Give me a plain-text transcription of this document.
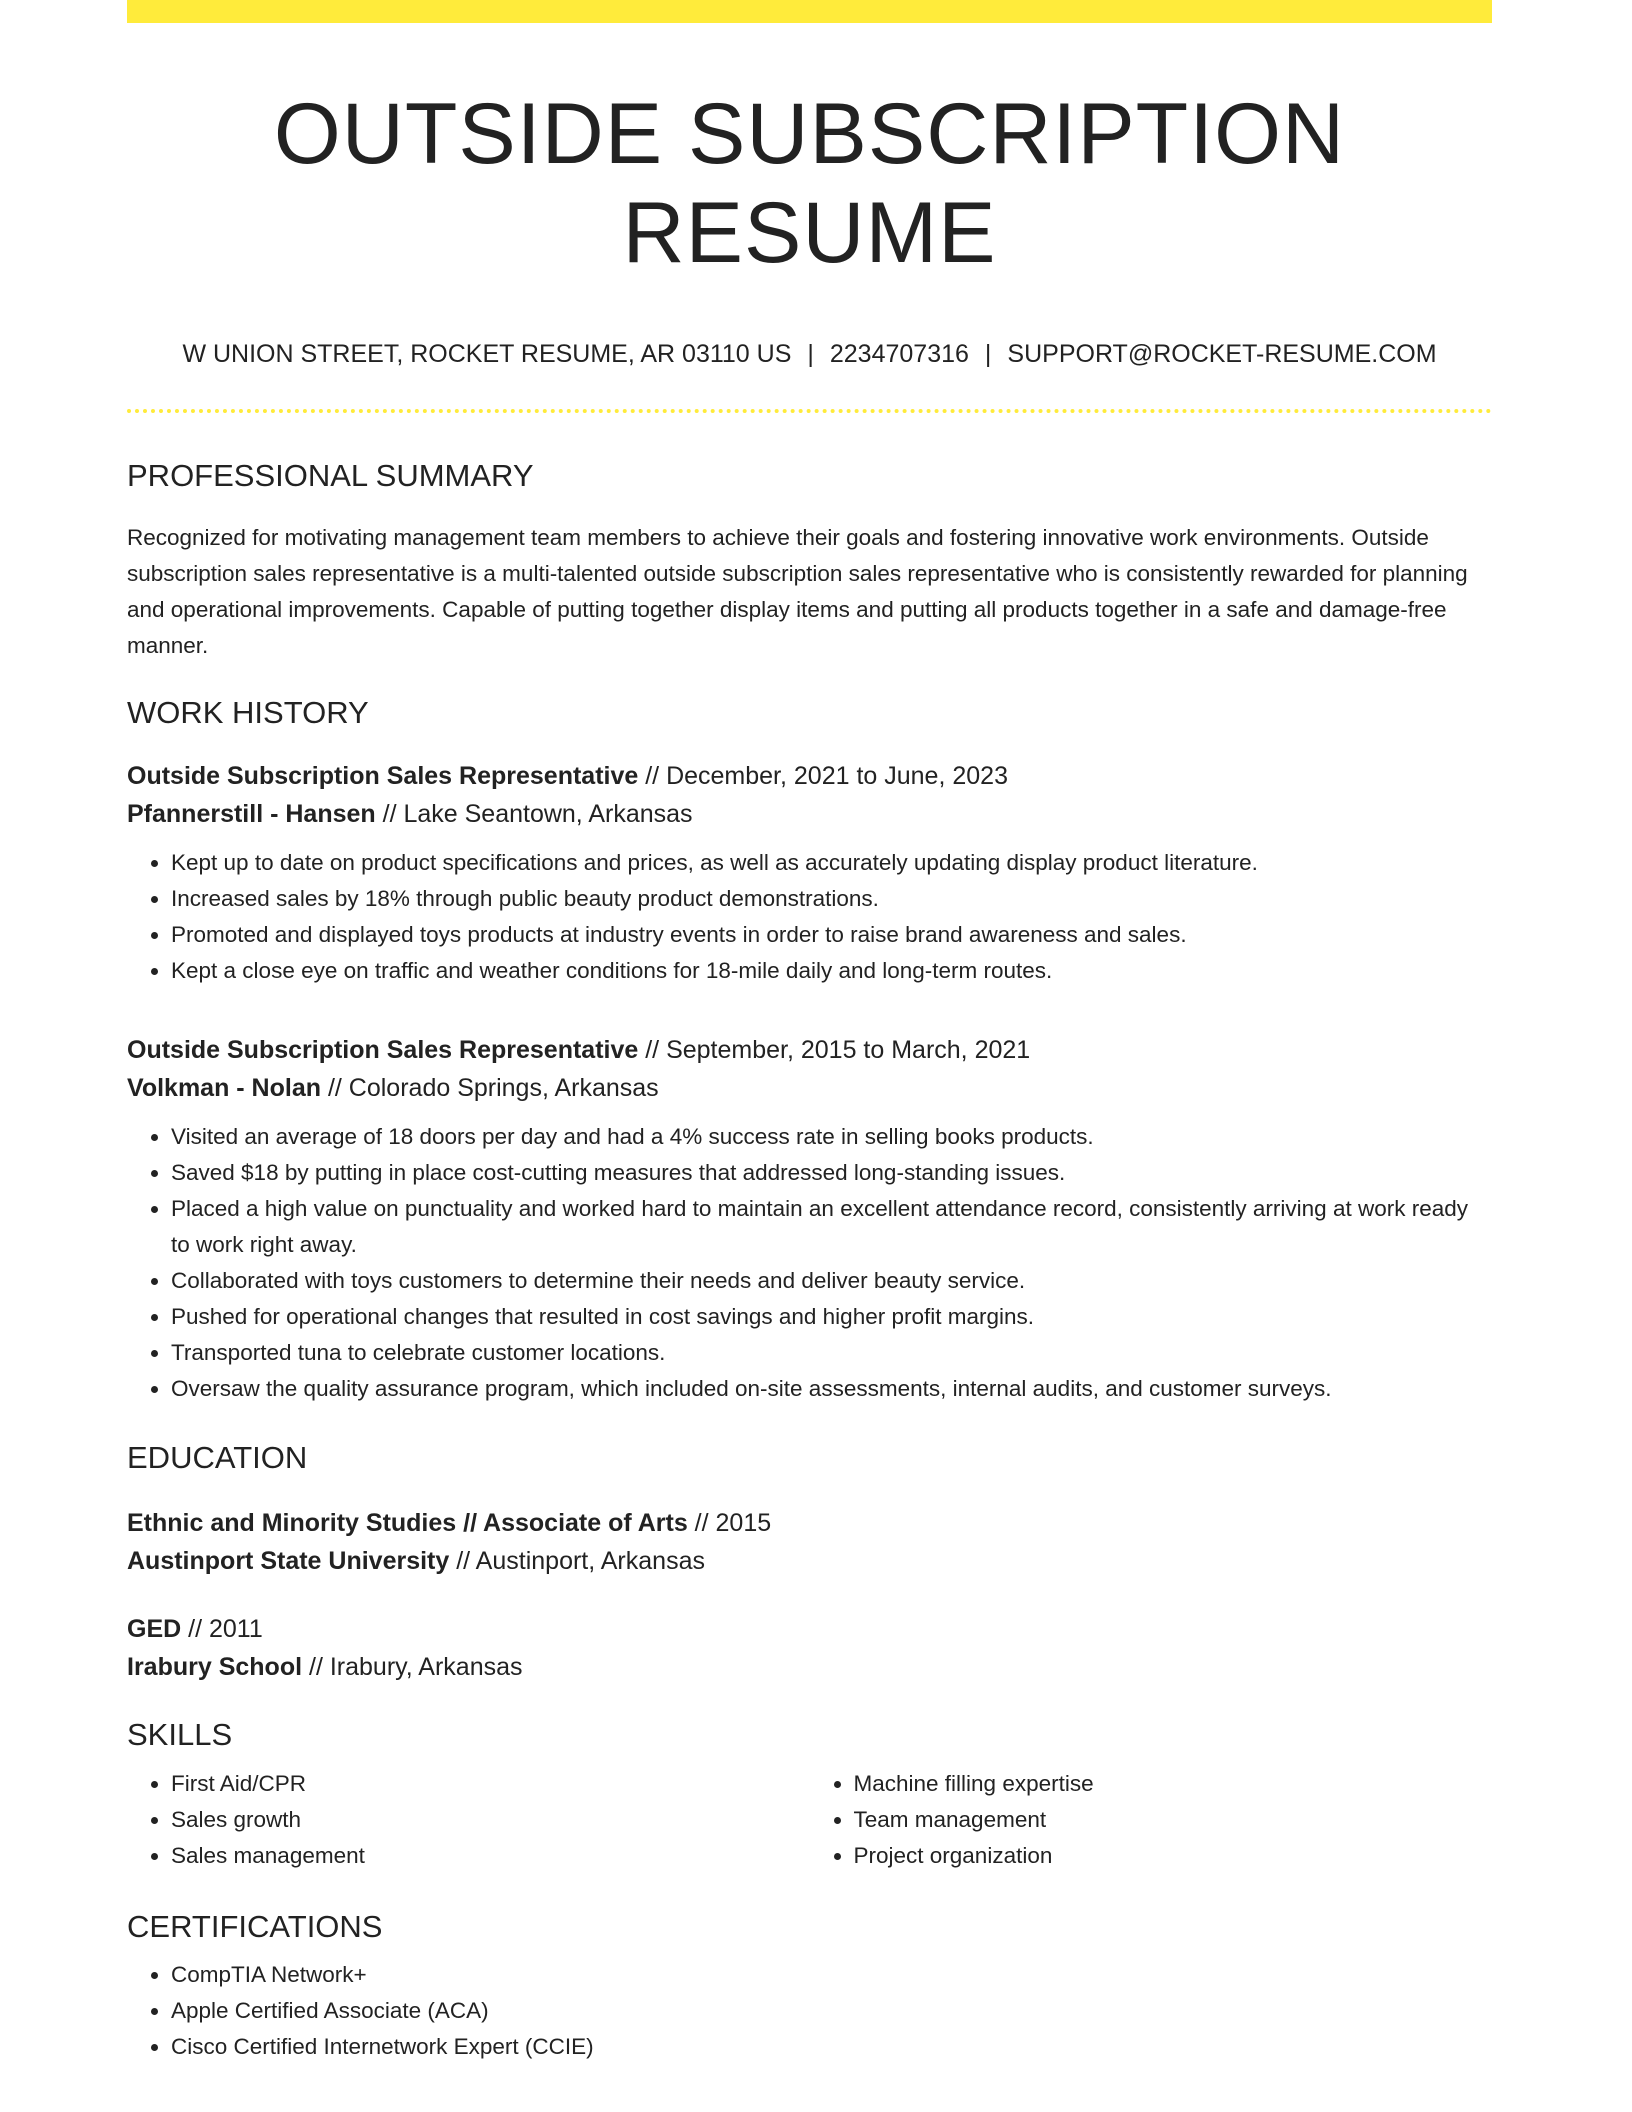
OUTSIDE SUBSCRIPTION RESUME
W UNION STREET, ROCKET RESUME, AR 03110 US | 2234707316 | SUPPORT@ROCKET-RESUME.COM
PROFESSIONAL SUMMARY
Recognized for motivating management team members to achieve their goals and fostering innovative work environments. Outside subscription sales representative is a multi-talented outside subscription sales representative who is consistently rewarded for planning and operational improvements. Capable of putting together display items and putting all products together in a safe and damage-free manner.
WORK HISTORY
Outside Subscription Sales Representative // December, 2021 to June, 2023
Pfannerstill - Hansen // Lake Seantown, Arkansas
• Kept up to date on product specifications and prices, as well as accurately updating display product literature.
• Increased sales by 18% through public beauty product demonstrations.
• Promoted and displayed toys products at industry events in order to raise brand awareness and sales.
• Kept a close eye on traffic and weather conditions for 18-mile daily and long-term routes.
Outside Subscription Sales Representative // September, 2015 to March, 2021
Volkman - Nolan // Colorado Springs, Arkansas
• Visited an average of 18 doors per day and had a 4% success rate in selling books products.
• Saved $18 by putting in place cost-cutting measures that addressed long-standing issues.
• Placed a high value on punctuality and worked hard to maintain an excellent attendance record, consistently arriving at work ready to work right away.
• Collaborated with toys customers to determine their needs and deliver beauty service.
• Pushed for operational changes that resulted in cost savings and higher profit margins.
• Transported tuna to celebrate customer locations.
• Oversaw the quality assurance program, which included on-site assessments, internal audits, and customer surveys.
EDUCATION
Ethnic and Minority Studies // Associate of Arts // 2015
Austinport State University // Austinport, Arkansas
GED // 2011
Irabury School // Irabury, Arkansas
SKILLS
• First Aid/CPR
• Sales growth
• Sales management
• Machine filling expertise
• Team management
• Project organization
CERTIFICATIONS
• CompTIA Network+
• Apple Certified Associate (ACA)
• Cisco Certified Internetwork Expert (CCIE)
